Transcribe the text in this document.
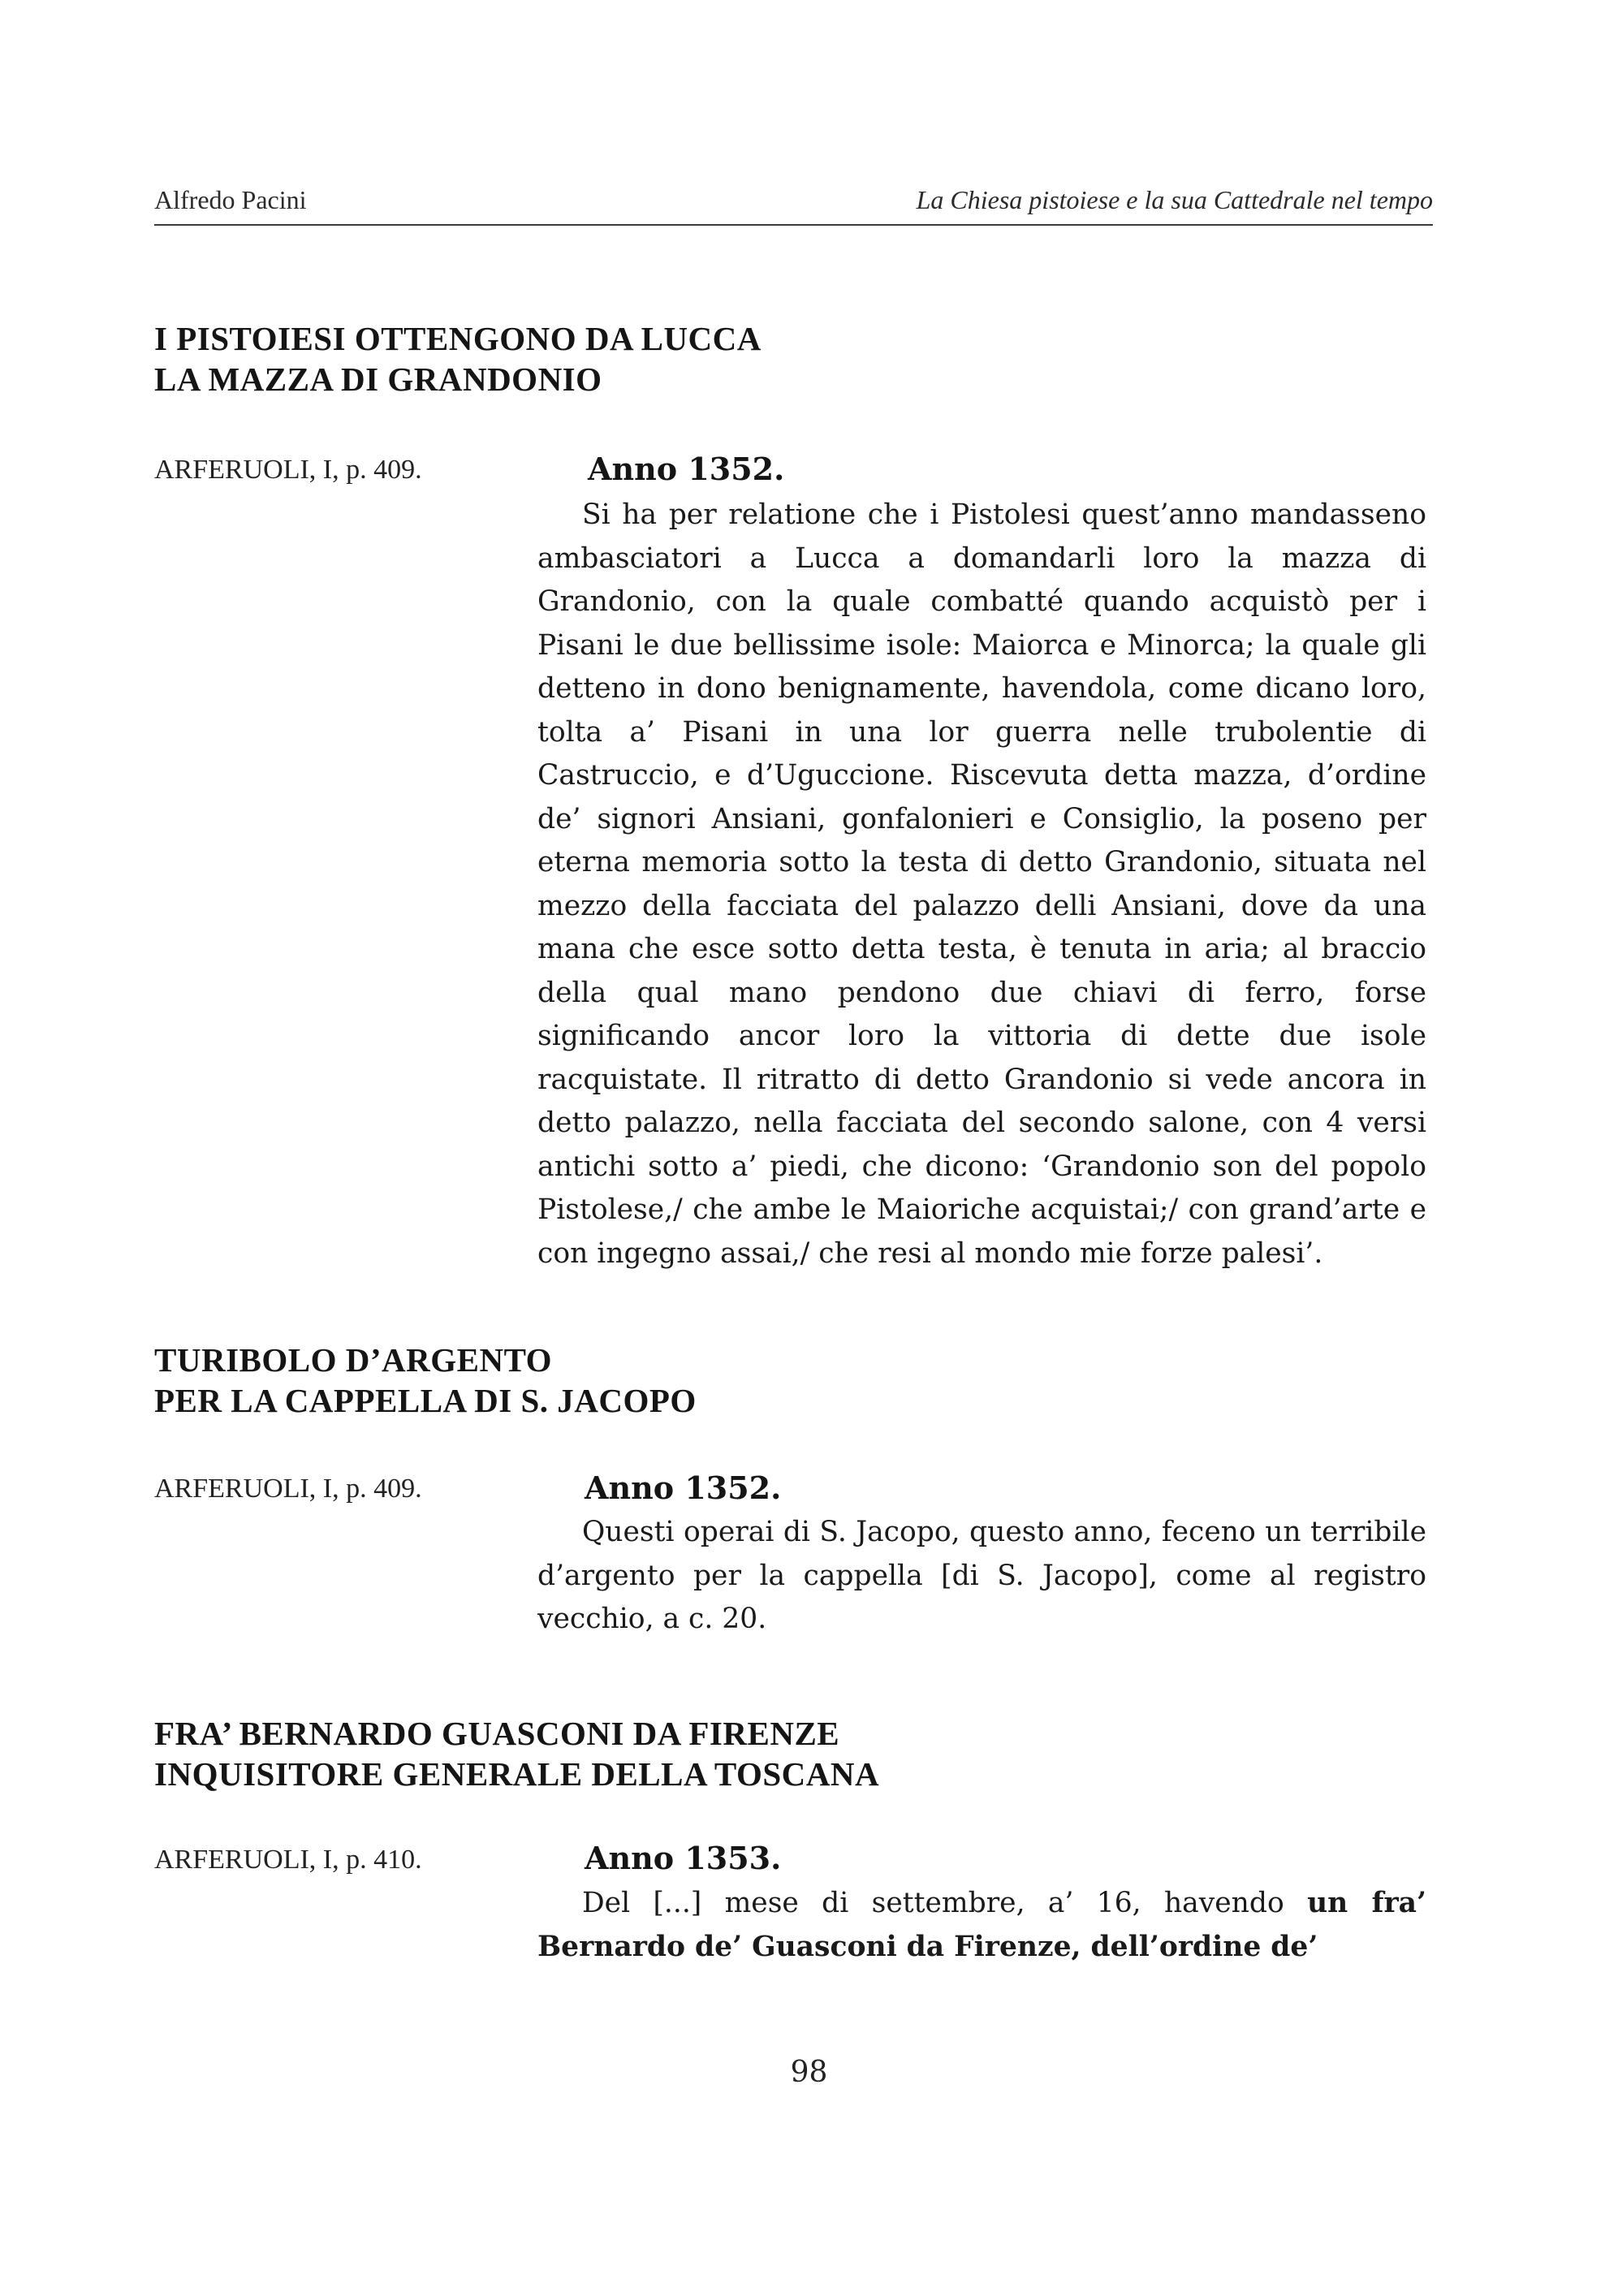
Alfredo Pacini	La Chiesa pistoiese e la sua Cattedrale nel tempo
I PISTOIESI OTTENGONO DA LUCCA
LA MAZZA DI GRANDONIO
ARFERUOLI, I, p. 409.	Anno 1352.

Si ha per relatione che i Pistolesi quest’anno mandasseno ambasciatori a Lucca a domandarli loro la mazza di Grandonio, con la quale combatté quando acquistò per i Pisani le due bellissime isole: Maiorca e Minorca; la quale gli detteno in dono benignamente, havendola, come dicano loro, tolta a’ Pisani in una lor guerra nelle trubolentie di Castruccio, e d’Uguccione. Riscevuta detta mazza, d’ordine de’ signori Ansiani, gonfalonieri e Consiglio, la poseno per eterna memoria sotto la testa di detto Grandonio, situata nel mezzo della facciata del palazzo delli Ansiani, dove da una mana che esce sotto detta testa, è tenuta in aria; al braccio della qual mano pendono due chiavi di ferro, forse significando ancor loro la vittoria di dette due isole racquistate. Il ritratto di detto Grandonio si vede ancora in detto palazzo, nella facciata del secondo salone, con 4 versi antichi sotto a’ piedi, che dicono: ‘Grandonio son del popolo Pistolese,/ che ambe le Maioriche acquistai;/ con grand’arte e con ingegno assai,/ che resi al mondo mie forze palesi’.

TURIBOLO D’ARGENTO
PER LA CAPPELLA DI S. JACOPO
ARFERUOLI, I, p. 409.	Anno 1352.

Questi operai di S. Jacopo, questo anno, feceno un terribile d’argento per la cappella [di S. Jacopo], come al registro vecchio, a c. 20.

FRA’ BERNARDO GUASCONI DA FIRENZE
INQUISITORE GENERALE DELLA TOSCANA
ARFERUOLI, I, p. 410.	Anno 1353.

Del [...] mese di settembre, a’ 16, havendo un fra’ Bernardo de’ Guasconi da Firenze, dell’ordine de’

98
